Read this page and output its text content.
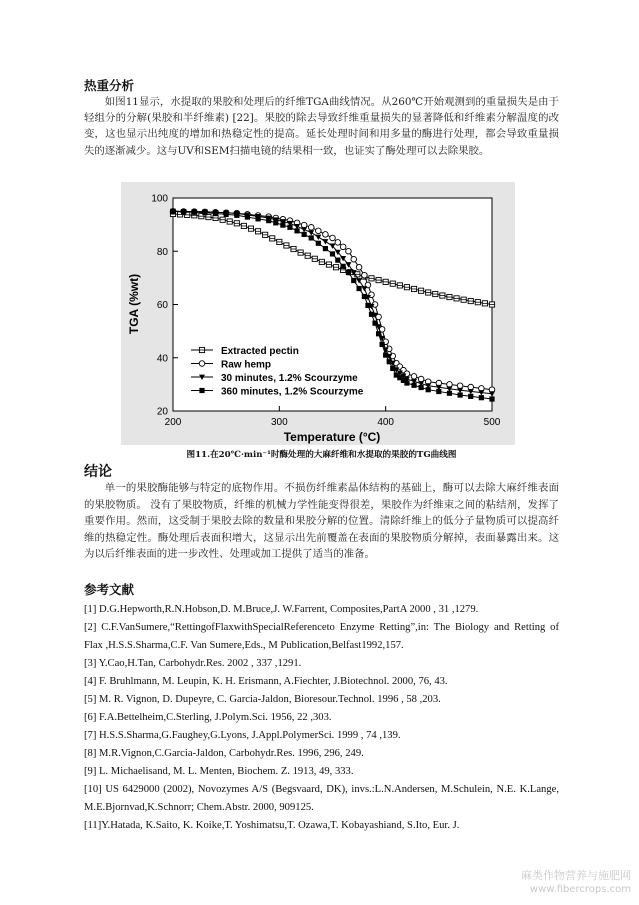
热重分析

如图11显示，水提取的果胶和处理后的纤维TGA曲线情况。从260℃开始观测到的重量损失是由于轻组分的分解(果胶和半纤维素) [22]。果胶的除去导致纤维重量损失的显著降低和纤维素分解温度的改变，这也显示出纯度的增加和热稳定性的提高。延长处理时间和用多量的酶进行处理，都会导致重量损失的逐渐减少。这与UV和SEM扫描电镜的结果相一致，也证实了酶处理可以去除果胶。

200	300	400	500
20
40
60
80
100
Extracted pectin
Raw hemp
30 minutes, 1.2% Scourzyme
360 minutes, 1.2% Scourzyme
Temperature (°C)
TGA (%wt)

图11.在20℃·min⁻¹时酶处理的大麻纤维和水提取的果胶的TG曲线图

结论

单一的果胶酶能够与特定的底物作用。不损伤纤维素晶体结构的基础上，酶可以去除大麻纤维表面的果胶物质。 没有了果胶物质，纤维的机械力学性能变得很差，果胶作为纤维束之间的粘结剂，发挥了重要作用。然而，这受制于果胶去除的数量和果胶分解的位置。清除纤维上的低分子量物质可以提高纤维的热稳定性。酶处理后表面积增大，这显示出先前覆盖在表面的果胶物质分解掉，表面暴露出来。这为以后纤维表面的进一步改性、处理或加工提供了适当的准备。

参考文献
[1] D.G.Hepworth,R.N.Hobson,D. M.Bruce,J. W.Farrent, Composites,PartA 2000 , 31 ,1279.
[2] C.F.VanSumere,“RettingofFlaxwithSpecialReferenceto Enzyme Retting”,in: The Biology and Retting of Flax ,H.S.S.Sharma,C.F. Van Sumere,Eds., M Publication,Belfast1992,157.
[3] Y.Cao,H.Tan, Carbohydr.Res. 2002 , 337 ,1291.
[4] F. Bruhlmann, M. Leupin, K. H. Erismann, A.Fiechter, J.Biotechnol. 2000, 76, 43.
[5] M. R. Vignon, D. Dupeyre, C. Garcia-Jaldon, Bioresour.Technol. 1996 , 58 ,203.
[6] F.A.Bettelheim,C.Sterling, J.Polym.Sci. 1956, 22 ,303.
[7] H.S.S.Sharma,G.Faughey,G.Lyons, J.Appl.PolymerSci. 1999 , 74 ,139.
[8] M.R.Vignon,C.Garcia-Jaldon, Carbohydr.Res. 1996, 296, 249.
[9] L. Michaelisand, M. L. Menten, Biochem. Z. 1913, 49, 333.
[10] US 6429000 (2002), Novozymes A/S (Begsvaard, DK), invs.:L.N.Andersen, M.Schulein, N.E. K.Lange, M.E.Bjornvad,K.Schnorr; Chem.Abstr. 2000, 909125.
[11]Y.Hatada, K.Saito, K. Koike,T. Yoshimatsu,T. Ozawa,T. Kobayashiand, S.Ito, Eur. J.
麻类作物营养与施肥网
www.fibercrops.com
